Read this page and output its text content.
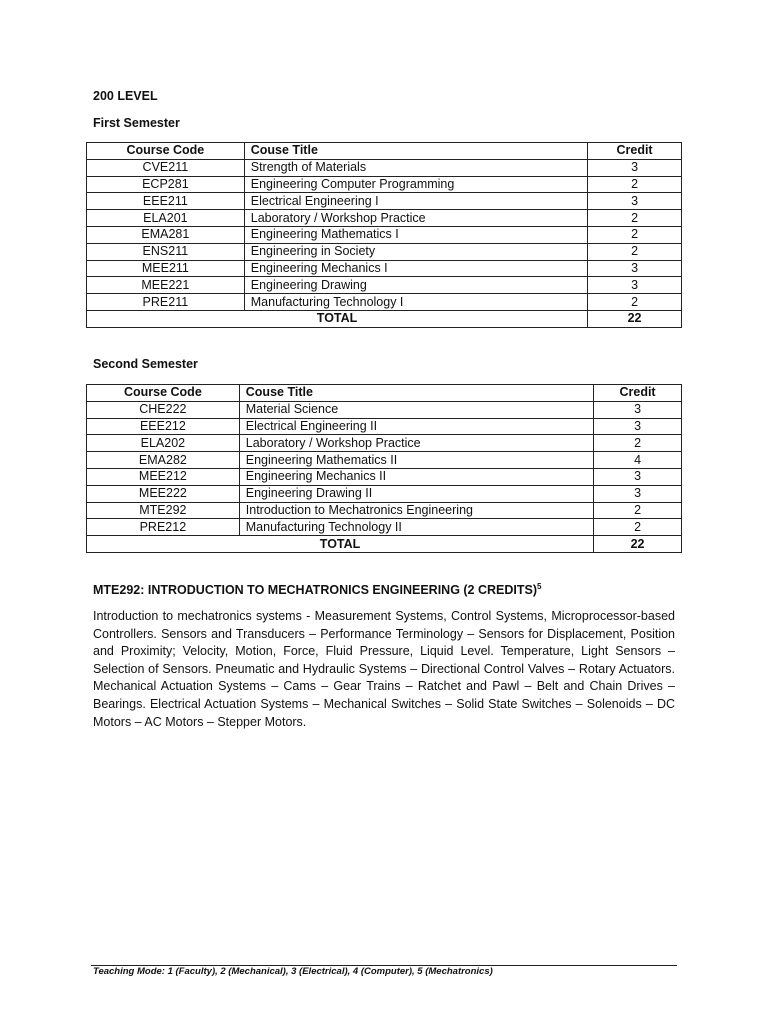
200 LEVEL
First Semester
Course Code	Couse Title	Credit
CVE211	Strength of Materials	3
ECP281	Engineering Computer Programming	2
EEE211	Electrical Engineering I	3
ELA201	Laboratory / Workshop Practice	2
EMA281	Engineering Mathematics I	2
ENS211	Engineering in Society	2
MEE211	Engineering Mechanics I	3
MEE221	Engineering Drawing	3
PRE211	Manufacturing Technology I	2
TOTAL		22
Second Semester
Course Code	Couse Title	Credit
CHE222	Material Science	3
EEE212	Electrical Engineering II	3
ELA202	Laboratory / Workshop Practice	2
EMA282	Engineering Mathematics II	4
MEE212	Engineering Mechanics II	3
MEE222	Engineering Drawing II	3
MTE292	Introduction to Mechatronics Engineering	2
PRE212	Manufacturing Technology II	2
TOTAL		22
MTE292: INTRODUCTION TO MECHATRONICS ENGINEERING (2 CREDITS)$^5$
Introduction to mechatronics systems - Measurement Systems, Control Systems, Microprocessor-based Controllers. Sensors and Transducers – Performance Terminology – Sensors for Displacement, Position and Proximity; Velocity, Motion, Force, Fluid Pressure, Liquid Level. Temperature, Light Sensors – Selection of Sensors. Pneumatic and Hydraulic Systems – Directional Control Valves – Rotary Actuators. Mechanical Actuation Systems – Cams – Gear Trains – Ratchet and Pawl – Belt and Chain Drives – Bearings. Electrical Actuation Systems – Mechanical Switches – Solid State Switches – Solenoids – DC Motors – AC Motors – Stepper Motors.
Teaching Mode: 1 (Faculty), 2 (Mechanical), 3 (Electrical), 4 (Computer), 5 (Mechatronics)
